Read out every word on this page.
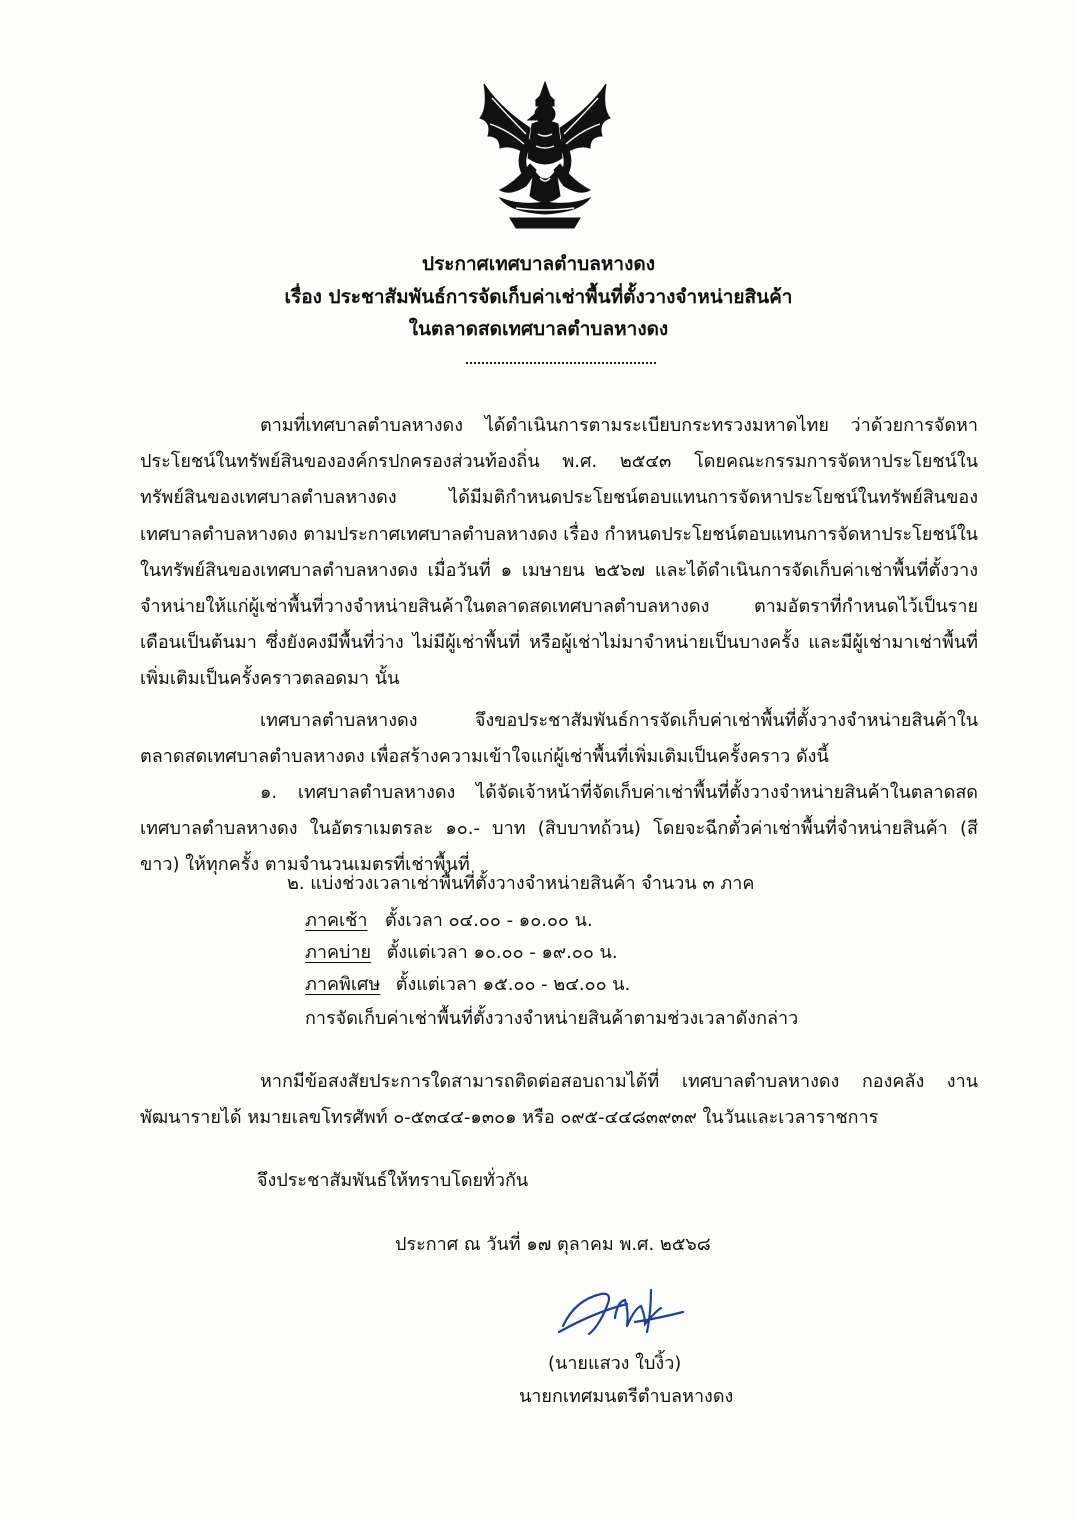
ประกาศเทศบาลตำบลหางดง
เรื่อง ประชาสัมพันธ์การจัดเก็บค่าเช่าพื้นที่ตั้งวางจำหน่ายสินค้า
ในตลาดสดเทศบาลตำบลหางดง

ตามที่เทศบาลตำบลหางดง ได้ดำเนินการตามระเบียบกระทรวงมหาดไทย ว่าด้วยการจัดหาประโยชน์ในทรัพย์สินขององค์กรปกครองส่วนท้องถิ่น พ.ศ. ๒๕๔๓ โดยคณะกรรมการจัดหาประโยชน์ในทรัพย์สินของเทศบาลตำบลหางดง ได้มีมติกำหนดประโยชน์ตอบแทนการจัดหาประโยชน์ในทรัพย์สินของเทศบาลตำบลหางดง ตามประกาศเทศบาลตำบลหางดง เรื่อง กำหนดประโยชน์ตอบแทนการจัดหาประโยชน์ในในทรัพย์สินของเทศบาลตำบลหางดง เมื่อวันที่ ๑ เมษายน ๒๕๖๗ และได้ดำเนินการจัดเก็บค่าเช่าพื้นที่ตั้งวางจำหน่ายให้แก่ผู้เช่าพื้นที่วางจำหน่ายสินค้าในตลาดสดเทศบาลตำบลหางดง ตามอัตราที่กำหนดไว้เป็นรายเดือนเป็นต้นมา ซึ่งยังคงมีพื้นที่ว่าง ไม่มีผู้เช่าพื้นที่ หรือผู้เช่าไม่มาจำหน่ายเป็นบางครั้ง และมีผู้เช่ามาเช่าพื้นที่เพิ่มเติมเป็นครั้งคราวตลอดมา นั้น

เทศบาลตำบลหางดง จึงขอประชาสัมพันธ์การจัดเก็บค่าเช่าพื้นที่ตั้งวางจำหน่ายสินค้าในตลาดสดเทศบาลตำบลหางดง เพื่อสร้างความเข้าใจแก่ผู้เช่าพื้นที่เพิ่มเติมเป็นครั้งคราว ดังนี้

๑. เทศบาลตำบลหางดง ได้จัดเจ้าหน้าที่จัดเก็บค่าเช่าพื้นที่ตั้งวางจำหน่ายสินค้าในตลาดสดเทศบาลตำบลหางดง ในอัตราเมตรละ ๑๐.- บาท (สิบบาทถ้วน) โดยจะฉีกตั๋วค่าเช่าพื้นที่จำหน่ายสินค้า (สีขาว) ให้ทุกครั้ง ตามจำนวนเมตรที่เช่าพื้นที่

๒. แบ่งช่วงเวลาเช่าพื้นที่ตั้งวางจำหน่ายสินค้า จำนวน ๓ ภาค
ภาคเช้า ตั้งเวลา ๐๔.๐๐ - ๑๐.๐๐ น.
ภาคบ่าย ตั้งแต่เวลา ๑๐.๐๐ - ๑๙.๐๐ น.
ภาคพิเศษ ตั้งแต่เวลา ๑๕.๐๐ - ๒๔.๐๐ น.
การจัดเก็บค่าเช่าพื้นที่ตั้งวางจำหน่ายสินค้าตามช่วงเวลาดังกล่าว

หากมีข้อสงสัยประการใดสามารถติดต่อสอบถามได้ที่ เทศบาลตำบลหางดง กองคลัง งานพัฒนารายได้ หมายเลขโทรศัพท์ ๐-๕๓๔๔-๑๓๐๑ หรือ ๐๙๕-๔๔๘๓๙๓๙ ในวันและเวลาราชการ

จึงประชาสัมพันธ์ให้ทราบโดยทั่วกัน
ประกาศ ณ วันที่ ๑๗ ตุลาคม พ.ศ. ๒๕๖๘
(นายแสวง ใบงิ้ว)
นายกเทศมนตรีตำบลหางดง
